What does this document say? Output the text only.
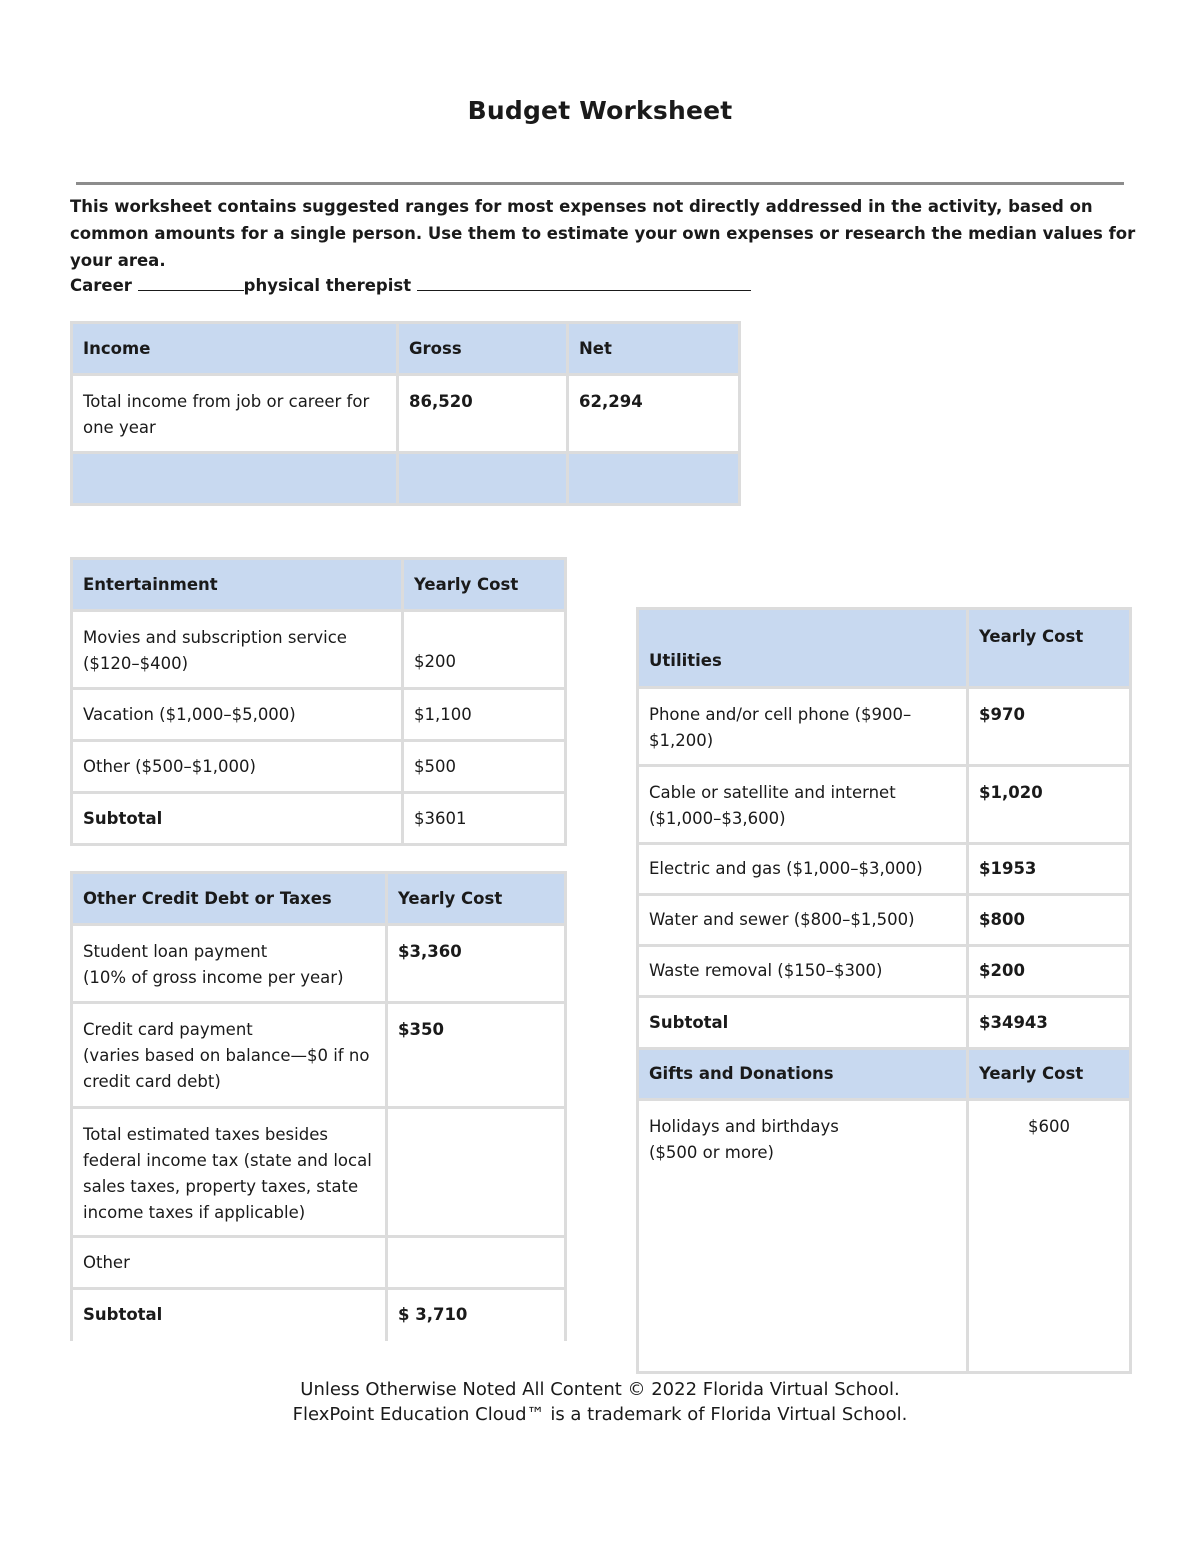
Budget Worksheet
This worksheet contains suggested ranges for most expenses not directly addressed in the activity, based on common amounts for a single person. Use them to estimate your own expenses or research the median values for your area.
Career	physical therepist
Income	Gross	Net
Total income from job or career for one year	86,520	62,294

Entertainment	Yearly Cost
Movies and subscription service ($120–$400)	$200
Vacation ($1,000–$5,000)	$1,100
Other ($500–$1,000)	$500
Subtotal	$3601
Other Credit Debt or Taxes	Yearly Cost

Student loan payment
(10% of gross income per year)	$3,360

Credit card payment
(varies based on balance—$0 if no credit card debt)	$350

Total estimated taxes besides federal income tax (state and local sales taxes, property taxes, state income taxes if applicable)	

Other	

Subtotal	$ 3,710
Utilities	Yearly Cost
Phone and/or cell phone ($900–$1,200)	$970
Cable or satellite and internet ($1,000–$3,600)	$1,020
Electric and gas ($1,000–$3,000)	$1953
Water and sewer ($800–$1,500)	$800
Waste removal ($150–$300)	$200
Subtotal	$34943
Gifts and Donations	Yearly Cost

Holidays and birthdays
($500 or more)	$600
Unless Otherwise Noted All Content © 2022 Florida Virtual School.
FlexPoint Education Cloud™ is a trademark of Florida Virtual School.
